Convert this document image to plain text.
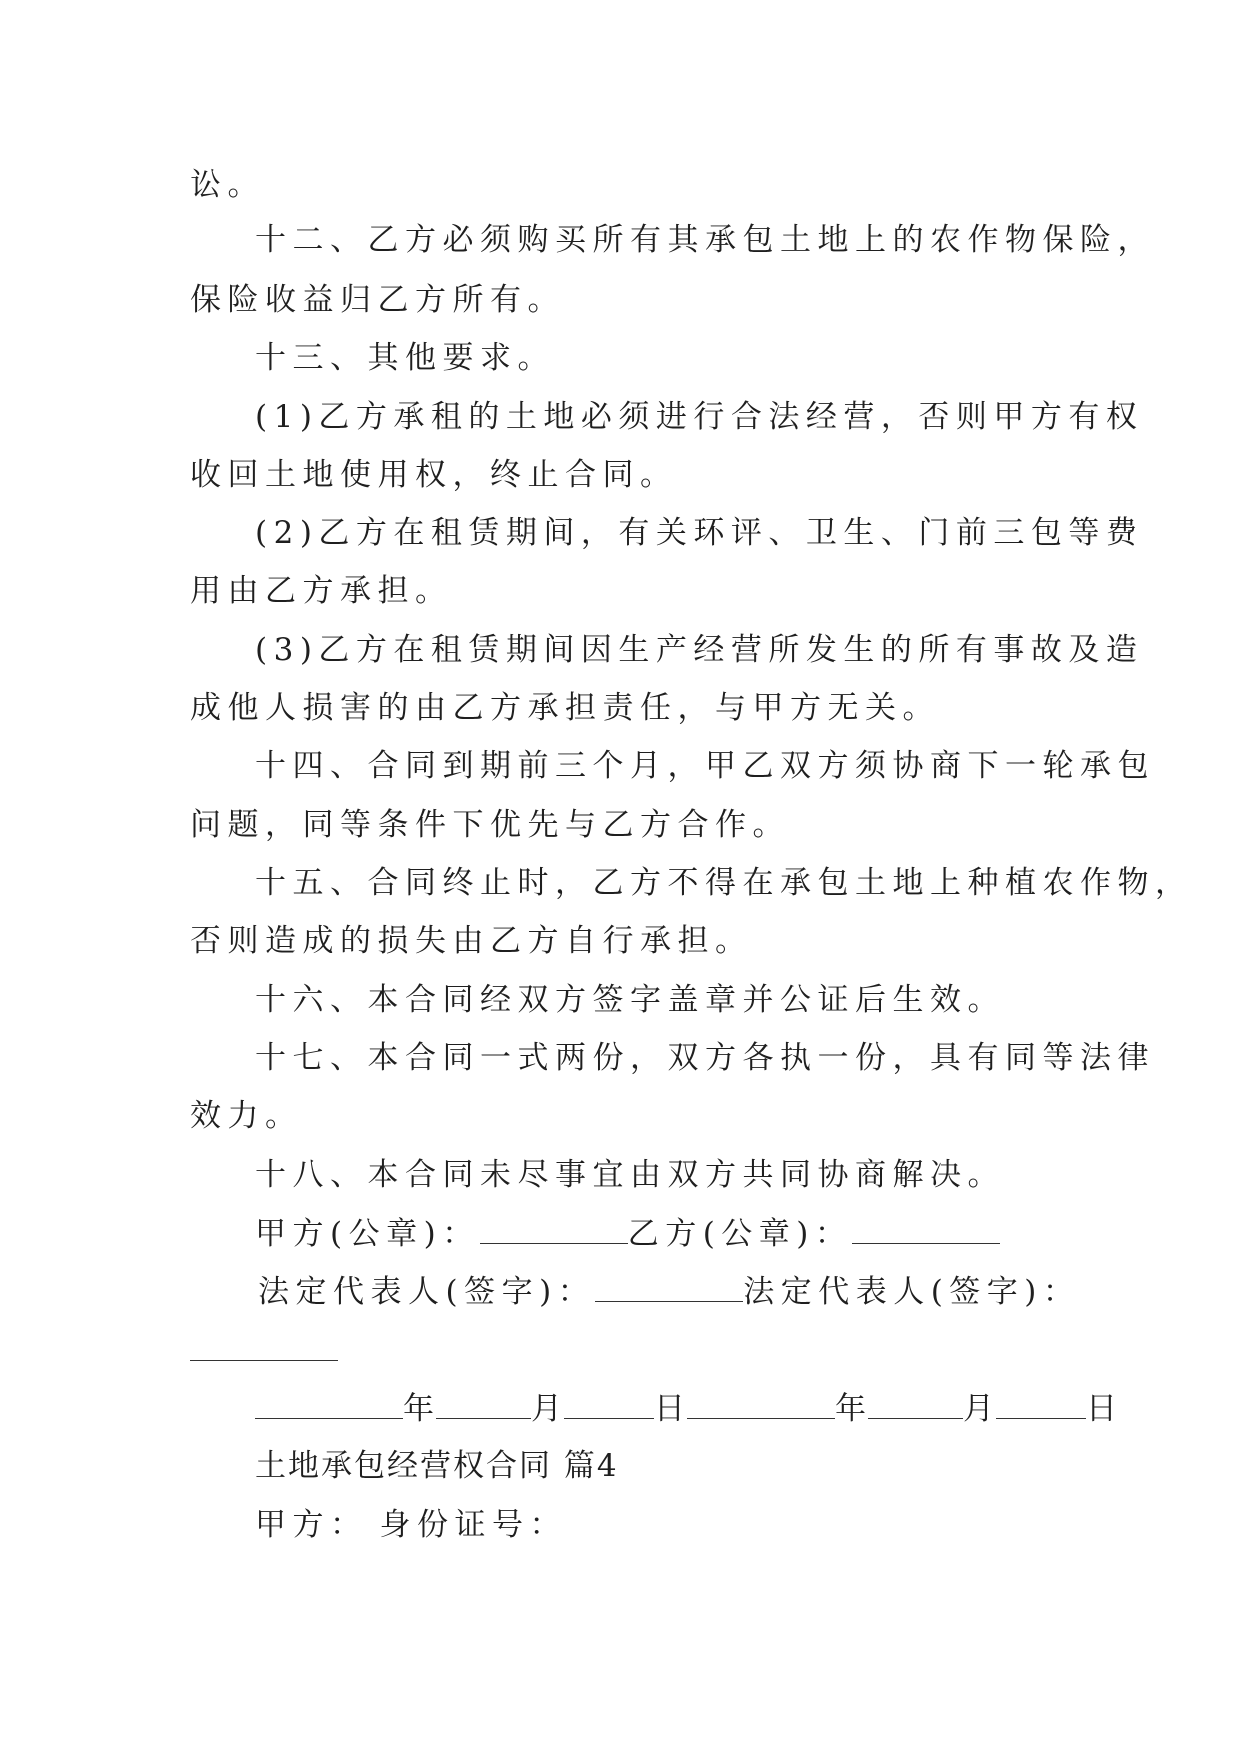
讼。

十二、乙方必须购买所有其承包土地上的农作物保险，

保险收益归乙方所有。

十三、其他要求。

(1)乙方承租的土地必须进行合法经营，否则甲方有权

收回土地使用权，终止合同。

(2)乙方在租赁期间，有关环评、卫生、门前三包等费

用由乙方承担。

(3)乙方在租赁期间因生产经营所发生的所有事故及造

成他人损害的由乙方承担责任，与甲方无关。

十四、合同到期前三个月，甲乙双方须协商下一轮承包

问题，同等条件下优先与乙方合作。

十五、合同终止时，乙方不得在承包土地上种植农作物，

否则造成的损失由乙方自行承担。

十六、本合同经双方签字盖章并公证后生效。

十七、本合同一式两份，双方各执一份，具有同等法律

效力。

十八、本合同未尽事宜由双方共同协商解决。

甲方(公章)：	乙方(公章)：

法定代表人(签字)：	法定代表人(签字)：

年	月	日	年	月	日

土地承包经营权合同 篇4

甲方： 身份证号：
